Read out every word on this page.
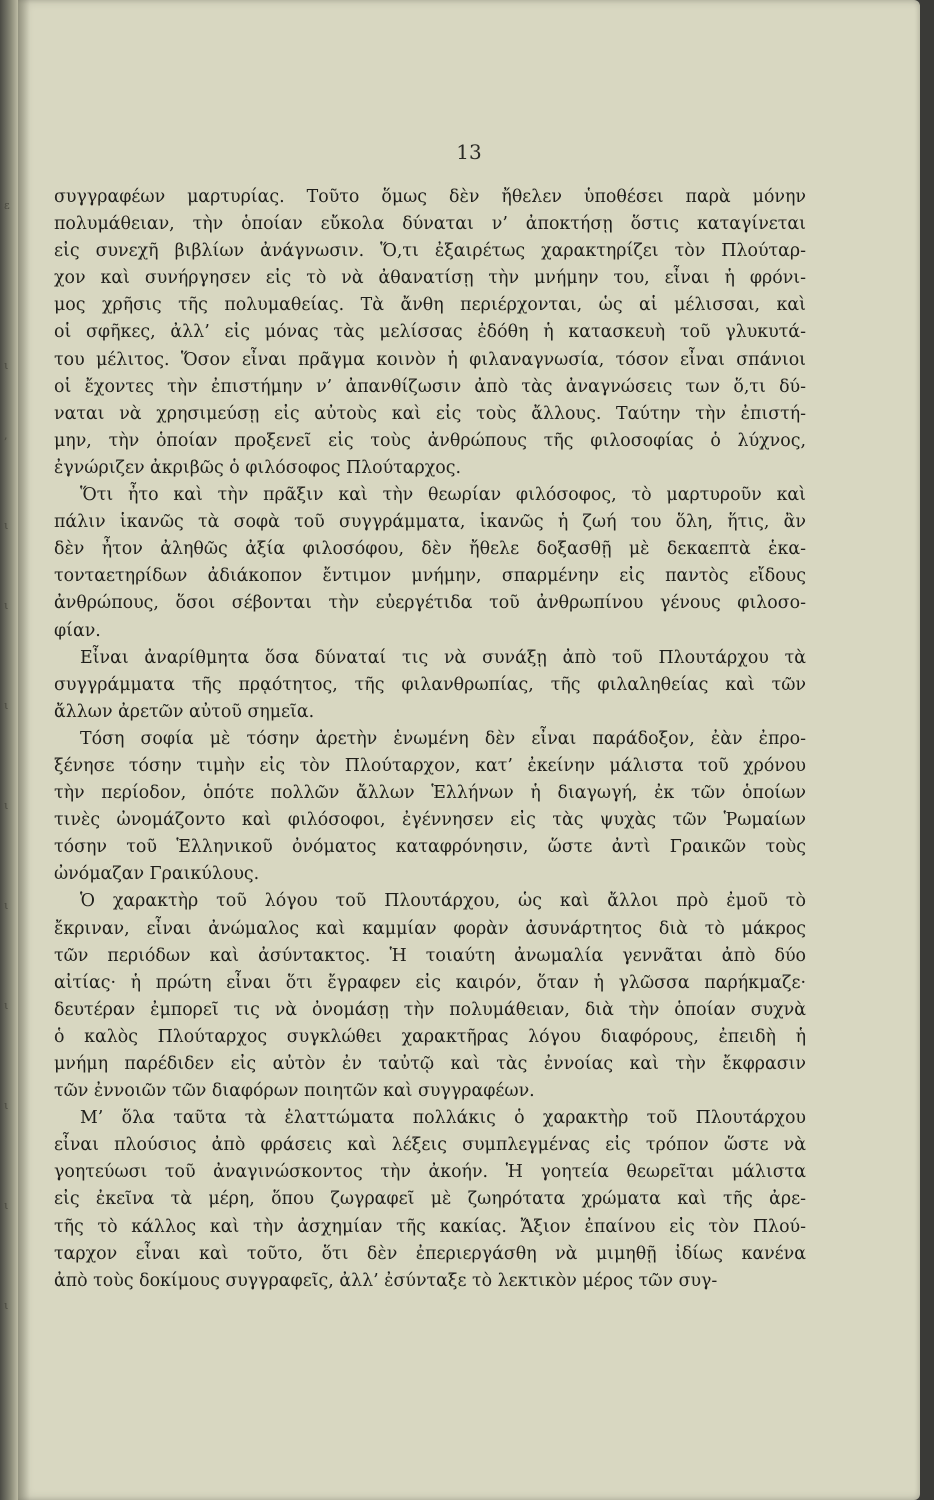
ε
ι
,
ι
ι
ι
ι
ι
ι
ι
ι
ι
13
συγγραφέων μαρτυρίας. Τοῦτο ὅμως δὲν ἤθελεν ὑποθέσει παρὰ μόνην
πολυμάθειαν, τὴν ὁποίαν εὔκολα δύναται ν’ ἀποκτήσῃ ὅστις καταγίνεται
εἰς συνεχῆ βιβλίων ἀνάγνωσιν. Ὅ,τι ἐξαιρέτως χαρακτηρίζει τὸν Πλούταρ-
χον καὶ συνήργησεν εἰς τὸ νὰ ἀθανατίσῃ τὴν μνήμην του, εἶναι ἡ φρόνι-
μος χρῆσις τῆς πολυμαθείας. Τὰ ἄνθη περιέρχονται, ὡς αἱ μέλισσαι, καὶ
οἱ σφῆκες, ἀλλ’ εἰς μόνας τὰς μελίσσας ἐδόθη ἡ κατασκευὴ τοῦ γλυκυτά-
του μέλιτος. Ὅσον εἶναι πρᾶγμα κοινὸν ἡ φιλαναγνωσία, τόσον εἶναι σπάνιοι
οἱ ἔχοντες τὴν ἐπιστήμην ν’ ἀπανθίζωσιν ἀπὸ τὰς ἀναγνώσεις των ὅ,τι δύ-
ναται νὰ χρησιμεύσῃ εἰς αὐτοὺς καὶ εἰς τοὺς ἄλλους. Ταύτην τὴν ἐπιστή-
μην, τὴν ὁποίαν προξενεῖ εἰς τοὺς ἀνθρώπους τῆς φιλοσοφίας ὁ λύχνος,
ἐγνώριζεν ἀκριβῶς ὁ φιλόσοφος Πλούταρχος.
Ὅτι ἦτο καὶ τὴν πρᾶξιν καὶ τὴν θεωρίαν φιλόσοφος, τὸ μαρτυροῦν καὶ
πάλιν ἱκανῶς τὰ σοφὰ τοῦ συγγράμματα, ἱκανῶς ἡ ζωή του ὅλη, ἥτις, ἂν
δὲν ἦτον ἀληθῶς ἀξία φιλοσόφου, δὲν ἤθελε δοξασθῇ μὲ δεκαεπτὰ ἑκα-
τονταετηρίδων ἀδιάκοπον ἔντιμον μνήμην, σπαρμένην εἰς παντὸς εἴδους
ἀνθρώπους, ὅσοι σέβονται τὴν εὐεργέτιδα τοῦ ἀνθρωπίνου γένους φιλοσο-
φίαν.
Εἶναι ἀναρίθμητα ὅσα δύναταί τις νὰ συνάξῃ ἀπὸ τοῦ Πλουτάρχου τὰ
συγγράμματα τῆς πρᾳότητος, τῆς φιλανθρωπίας, τῆς φιλαληθείας καὶ τῶν
ἄλλων ἀρετῶν αὐτοῦ σημεῖα.
Τόση σοφία μὲ τόσην ἀρετὴν ἑνωμένη δὲν εἶναι παράδοξον, ἐὰν ἐπρο-
ξένησε τόσην τιμὴν εἰς τὸν Πλούταρχον, κατ’ ἐκείνην μάλιστα τοῦ χρόνου
τὴν περίοδον, ὁπότε πολλῶν ἄλλων Ἑλλήνων ἡ διαγωγή, ἐκ τῶν ὁποίων
τινὲς ὠνομάζοντο καὶ φιλόσοφοι, ἐγέννησεν εἰς τὰς ψυχὰς τῶν Ῥωμαίων
τόσην τοῦ Ἑλληνικοῦ ὀνόματος καταφρόνησιν, ὥστε ἀντὶ Γραικῶν τοὺς
ὠνόμαζαν Γραικύλους.
Ὁ χαρακτὴρ τοῦ λόγου τοῦ Πλουτάρχου, ὡς καὶ ἄλλοι πρὸ ἐμοῦ τὸ
ἔκριναν, εἶναι ἀνώμαλος καὶ καμμίαν φορὰν ἀσυνάρτητος διὰ τὸ μάκρος
τῶν περιόδων καὶ ἀσύντακτος. Ἡ τοιαύτη ἀνωμαλία γεννᾶται ἀπὸ δύο
αἰτίας· ἡ πρώτη εἶναι ὅτι ἔγραφεν εἰς καιρόν, ὅταν ἡ γλῶσσα παρήκμαζε·
δευτέραν ἐμπορεῖ τις νὰ ὀνομάσῃ τὴν πολυμάθειαν, διὰ τὴν ὁποίαν συχνὰ
ὁ καλὸς Πλούταρχος συγκλώθει χαρακτῆρας λόγου διαφόρους, ἐπειδὴ ἡ
μνήμη παρέδιδεν εἰς αὐτὸν ἐν ταὐτῷ καὶ τὰς ἐννοίας καὶ τὴν ἔκφρασιν
τῶν ἐννοιῶν τῶν διαφόρων ποιητῶν καὶ συγγραφέων.
Μ’ ὅλα ταῦτα τὰ ἐλαττώματα πολλάκις ὁ χαρακτὴρ τοῦ Πλουτάρχου
εἶναι πλούσιος ἀπὸ φράσεις καὶ λέξεις συμπλεγμένας εἰς τρόπον ὥστε νὰ
γοητεύωσι τοῦ ἀναγινώσκοντος τὴν ἀκοήν. Ἡ γοητεία θεωρεῖται μάλιστα
εἰς ἐκεῖνα τὰ μέρη, ὅπου ζωγραφεῖ μὲ ζωηρότατα χρώματα καὶ τῆς ἀρε-
τῆς τὸ κάλλος καὶ τὴν ἀσχημίαν τῆς κακίας. Ἄξιον ἐπαίνου εἰς τὸν Πλού-
ταρχον εἶναι καὶ τοῦτο, ὅτι δὲν ἐπεριεργάσθη νὰ μιμηθῇ ἰδίως κανένα
ἀπὸ τοὺς δοκίμους συγγραφεῖς, ἀλλ’ ἐσύνταξε τὸ λεκτικὸν μέρος τῶν συγ-
